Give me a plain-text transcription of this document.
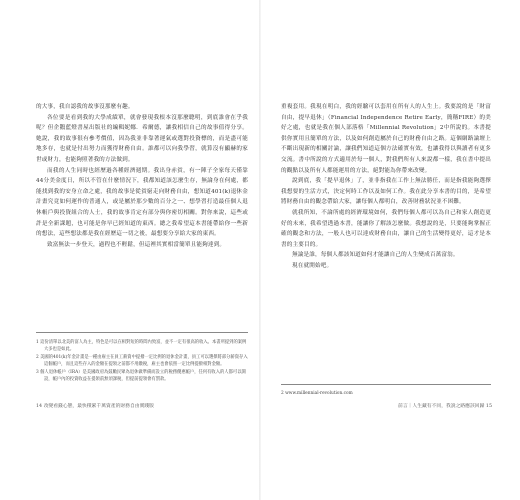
的大事，我自認我的故事沒那麼有趣。

各位要是看到我的大學成績單，就會發現我根本沒那麼聰明，到底誰會在乎我呢？但企鵝藍燈書屋出版社的編輯妮娜．希爾德，讓我相信自己的故事值得分享。她說，我的故事很有參考價值，因為我並非靠著運氣或選對投資標的，而是盡可能地多存，也就是付出努力而獲得財務自由。誰都可以向我學習，就算沒有顯赫的家世或財力，也能夠照著我的方法做到。

而我的人生同時也經歷過各種經濟週期。我出身赤貧，有一陣子全家每天僅靠44分美金度日，所以不管在什麼情況下，我都知道該怎麼生存，無論身在何處，都能找到我的安身立命之處，我的故事是從貧窮走向財務自由，想知道401(k)退休金計畫究竟如何運作的普通人，或是屬於那少數的百分之一、想學習打造最佳個人退休帳戶與投資組合的人士，我的故事肯定有部分與你密切相關。對你來說，這些或許是全新課題，也可能是你早已經知道的東西。總之我希望這本書能帶給你一些新的想法，這些想法都是我在經歷這一切之後，最想要分享給大家的東西。

致富無法一步登天，過程也不輕鬆，但這裡其實相當簡單且能夠達到。

1 這份清單以北美的富人為主，特色是可以在相對短的時間內致富，並不一定有很高的收入。本書所提到的案例大多也是如此。

2 美國的401(k)年金計畫是一種由雇主在員工薪資中提撥一定比例的退休金計畫，員工可以選擇將部分薪資存入這個帳戶，而且這些存入的金額在提領之前都不用繳稅，雇主也會依照一定比例提撥相對金額。

3 個人退休帳戶（IRA）是美國政府為鼓勵民眾為退休做準備而設立的稅務優惠帳戶，任何有收入的人都可以開設，帳戶內的投資收益在提領前無須課稅，但提前提領會有罰款。

14 改變看錢心態，最快積累千萬資產的財務自由實踐版

重複套用。我現在明白，我的經驗可以套用在所有人的人生上。我要說的是「財富自由，提早退休」（Financial Independence Retire Early，簡稱FIRE）的美好之處，也就是我在個人部落格「Millennial Revolution」2中所說的。本書提供你實用且簡單的方法，以及如何創造屬於自己的財務自由之路。這個網路論壇上不斷出現新的相關討論，讓我們知道這個方法確實有效，也讓我得以與讀者有更多交流。書中所說的方式適用於每一個人，對我們所有人來說都一樣，我在書中提出的觀點以及所有人都能運用的方法，絕對能為你帶來改變。

說到底，我「提早退休」了，並非指我在工作上無法勝任，而是指我能夠選擇我想要的生活方式，決定何時工作以及如何工作。我在此分享本書的目的，是希望將財務自由的觀念帶給大家，讓每個人都明白，改善財務狀況並不困難。

就我所知，不論所處的經濟環境如何，我們每個人都可以為自己和家人創造更好的未來，我希望透過本書，能讓你了解該怎麼做。我想說的是，只要能夠掌握正確的觀念和方法，一般人也可以達成財務自由，讓自己的生活變得更好，這才是本書的主要目的。

無論是誰，每個人都該知道如何才能讓自己的人生變成百萬富翁。

現在就開始吧。

2 www.millennial-revolution.com
前言｜人生藏有不同，我說之路應該回歸 15
